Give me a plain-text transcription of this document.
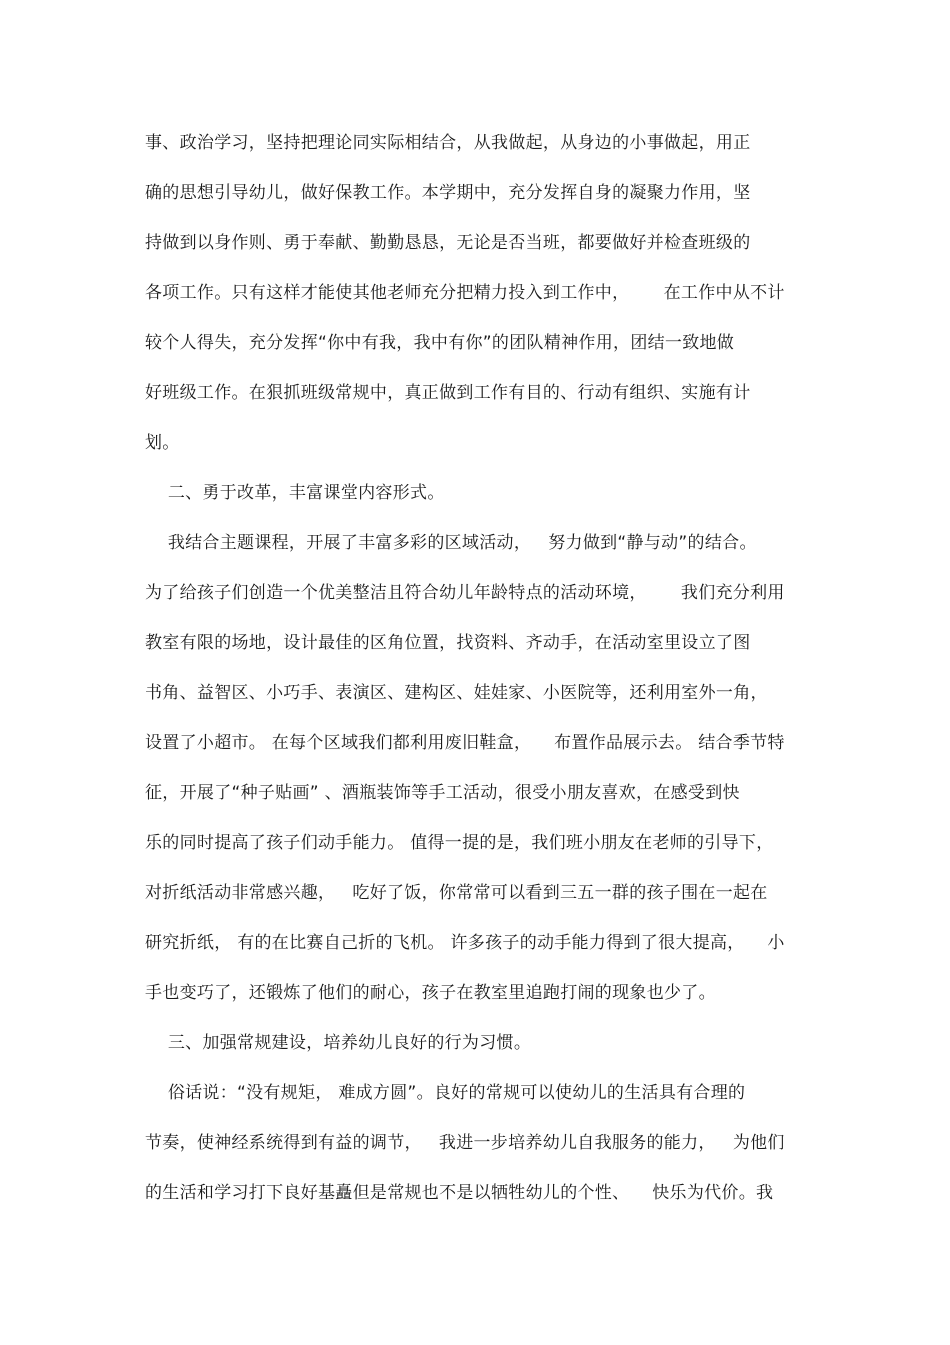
事、政治学习，坚持把理论同实际相结合，从我做起，从身边的小事做起，用正
确的思想引导幼儿，做好保教工作。本学期中，充分发挥自身的凝聚力作用，坚
持做到以身作则、勇于奉献、勤勤恳恳，无论是否当班，都要做好并检查班级的
各项工作。只有这样才能使其他老师充分把精力投入到工作中，      在工作中从不计
较个人得失，充分发挥“你中有我，我中有你”的团队精神作用，团结一致地做
好班级工作。在狠抓班级常规中，真正做到工作有目的、行动有组织、实施有计
划。
二、勇于改革，丰富课堂内容形式。
我结合主题课程，开展了丰富多彩的区域活动，   努力做到“静与动”的结合。
为了给孩子们创造一个优美整洁且符合幼儿年龄特点的活动环境，      我们充分利用
教室有限的场地，设计最佳的区角位置，找资料、齐动手，在活动室里设立了图
书角、益智区、小巧手、表演区、建构区、娃娃家、小医院等，还利用室外一角，
设置了小超市。 在每个区域我们都利用废旧鞋盒，    布置作品展示去。 结合季节特
征，开展了“种子贴画” 、酒瓶装饰等手工活动，很受小朋友喜欢，在感受到快
乐的同时提高了孩子们动手能力。 值得一提的是，我们班小朋友在老师的引导下，
对折纸活动非常感兴趣，   吃好了饭，你常常可以看到三五一群的孩子围在一起在
研究折纸， 有的在比赛自己折的飞机。 许多孩子的动手能力得到了很大提高，    小
手也变巧了，还锻炼了他们的耐心，孩子在教室里追跑打闹的现象也少了。
三、加强常规建设，培养幼儿良好的行为习惯。
俗话说：“没有规矩， 难成方圆”。良好的常规可以使幼儿的生活具有合理的
节奏，使神经系统得到有益的调节，   我进一步培养幼儿自我服务的能力，   为他们
的生活和学习打下良好基矗但是常规也不是以牺牲幼儿的个性、    快乐为代价。我
